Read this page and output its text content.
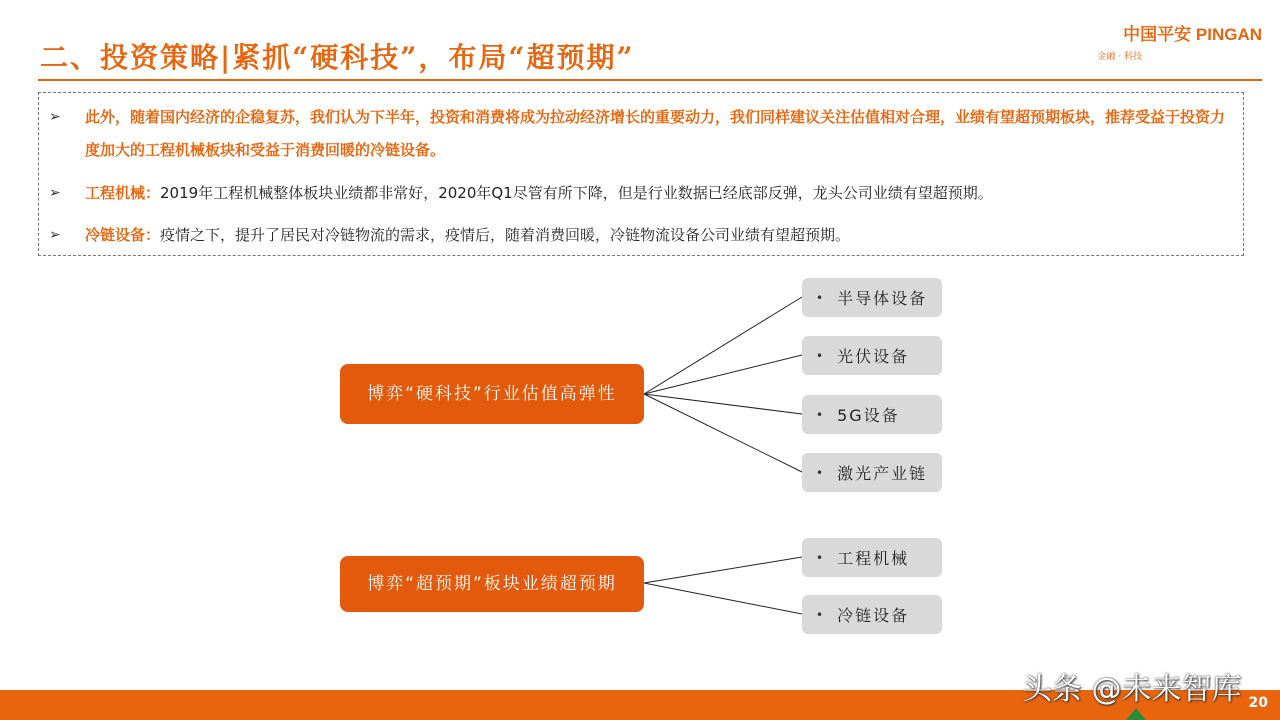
二、投资策略|紧抓“硬科技”，布局“超预期”
中国平安 PINGAN
金融 · 科技
➢	此外，随着国内经济的企稳复苏，我们认为下半年，投资和消费将成为拉动经济增长的重要动力，我们同样建议关注估值相对合理，业绩有望超预期板块，推荐受益于投资力度加大的工程机械板块和受益于消费回暖的冷链设备。
➢	工程机械：2019年工程机械整体板块业绩都非常好，2020年Q1尽管有所下降，但是行业数据已经底部反弹，龙头公司业绩有望超预期。
➢	冷链设备：疫情之下，提升了居民对冷链物流的需求，疫情后，随着消费回暖，冷链物流设备公司业绩有望超预期。
博弈“硬科技”行业估值高弹性
• 半导体设备
• 光伏设备
• 5G设备
• 激光产业链
博弈“超预期”板块业绩超预期
• 工程机械
• 冷链设备
头条 @未来智库 20
